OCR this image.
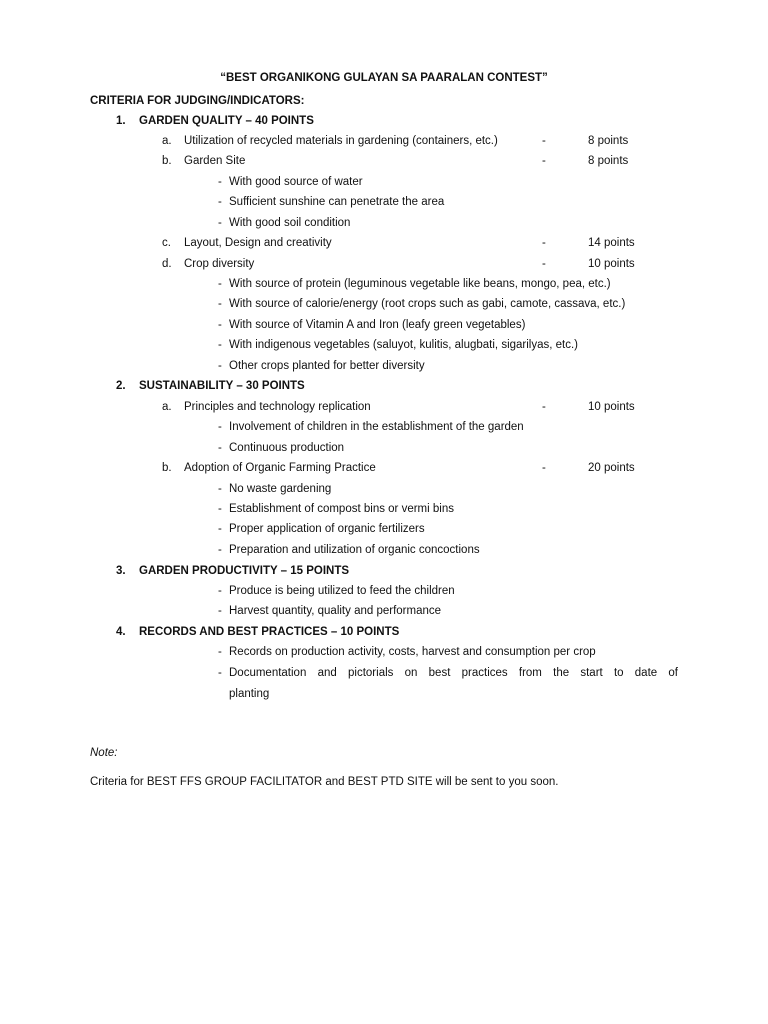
“BEST ORGANIKONG GULAYAN SA PAARALAN CONTEST”
CRITERIA FOR JUDGING/INDICATORS:
1. GARDEN QUALITY – 40 POINTS
a. Utilization of recycled materials in gardening (containers, etc.)	-	8 points
b. Garden Site	-	8 points
- With good source of water
- Sufficient sunshine can penetrate the area
- With good soil condition
c. Layout, Design and creativity	-	14 points
d. Crop diversity	-	10 points
- With source of protein (leguminous vegetable like beans, mongo, pea, etc.)
- With source of calorie/energy (root crops such as gabi, camote, cassava, etc.)
- With source of Vitamin A and Iron (leafy green vegetables)
- With indigenous vegetables (saluyot, kulitis, alugbati, sigarilyas, etc.)
- Other crops planted for better diversity
2. SUSTAINABILITY – 30 POINTS
a. Principles and technology replication	-	10 points
- Involvement of children in the establishment of the garden
- Continuous production
b. Adoption of Organic Farming Practice	-	20 points
- No waste gardening
- Establishment of compost bins or vermi bins
- Proper application of organic fertilizers
- Preparation and utilization of organic concoctions
3. GARDEN PRODUCTIVITY – 15 POINTS
- Produce is being utilized to feed the children
- Harvest quantity, quality and performance
4. RECORDS AND BEST PRACTICES – 10 POINTS
- Records on production activity, costs, harvest and consumption per crop
- Documentation and pictorials on best practices from the start to date of
planting
Note:
Criteria for BEST FFS GROUP FACILITATOR and BEST PTD SITE will be sent to you soon.
